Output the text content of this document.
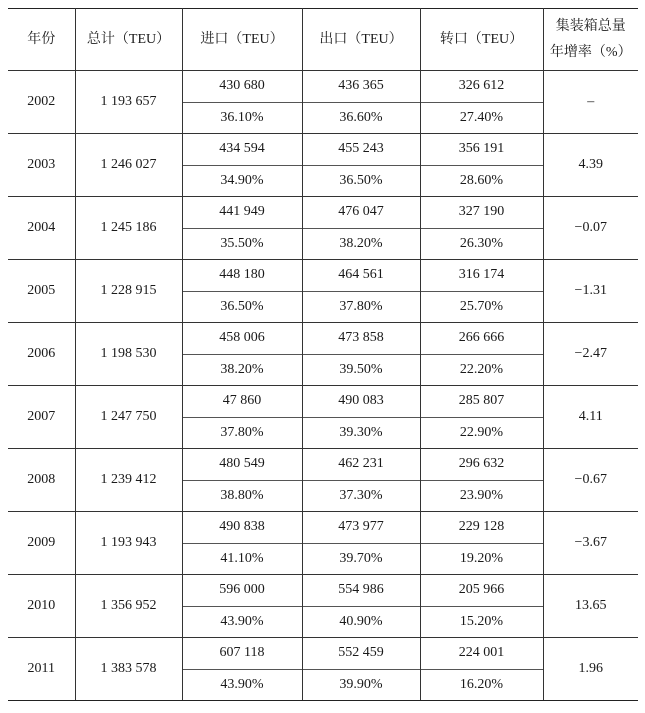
年份	总计（TEU）	进口（TEU）	出口（TEU）	转口（TEU）	集装箱总量
年增率（%）

2002	1 193 657	430 680	436 365	326 612	–
		36.10%	36.60%	27.40%	
2003	1 246 027	434 594	455 243	356 191	4.39
		34.90%	36.50%	28.60%	
2004	1 245 186	441 949	476 047	327 190	−0.07
		35.50%	38.20%	26.30%	
2005	1 228 915	448 180	464 561	316 174	−1.31
		36.50%	37.80%	25.70%	
2006	1 198 530	458 006	473 858	266 666	−2.47
		38.20%	39.50%	22.20%	
2007	1 247 750	47 860	490 083	285 807	4.11
		37.80%	39.30%	22.90%	
2008	1 239 412	480 549	462 231	296 632	−0.67
		38.80%	37.30%	23.90%	
2009	1 193 943	490 838	473 977	229 128	−3.67
		41.10%	39.70%	19.20%	
2010	1 356 952	596 000	554 986	205 966	13.65
		43.90%	40.90%	15.20%	
2011	1 383 578	607 118	552 459	224 001	1.96
		43.90%	39.90%	16.20%	
